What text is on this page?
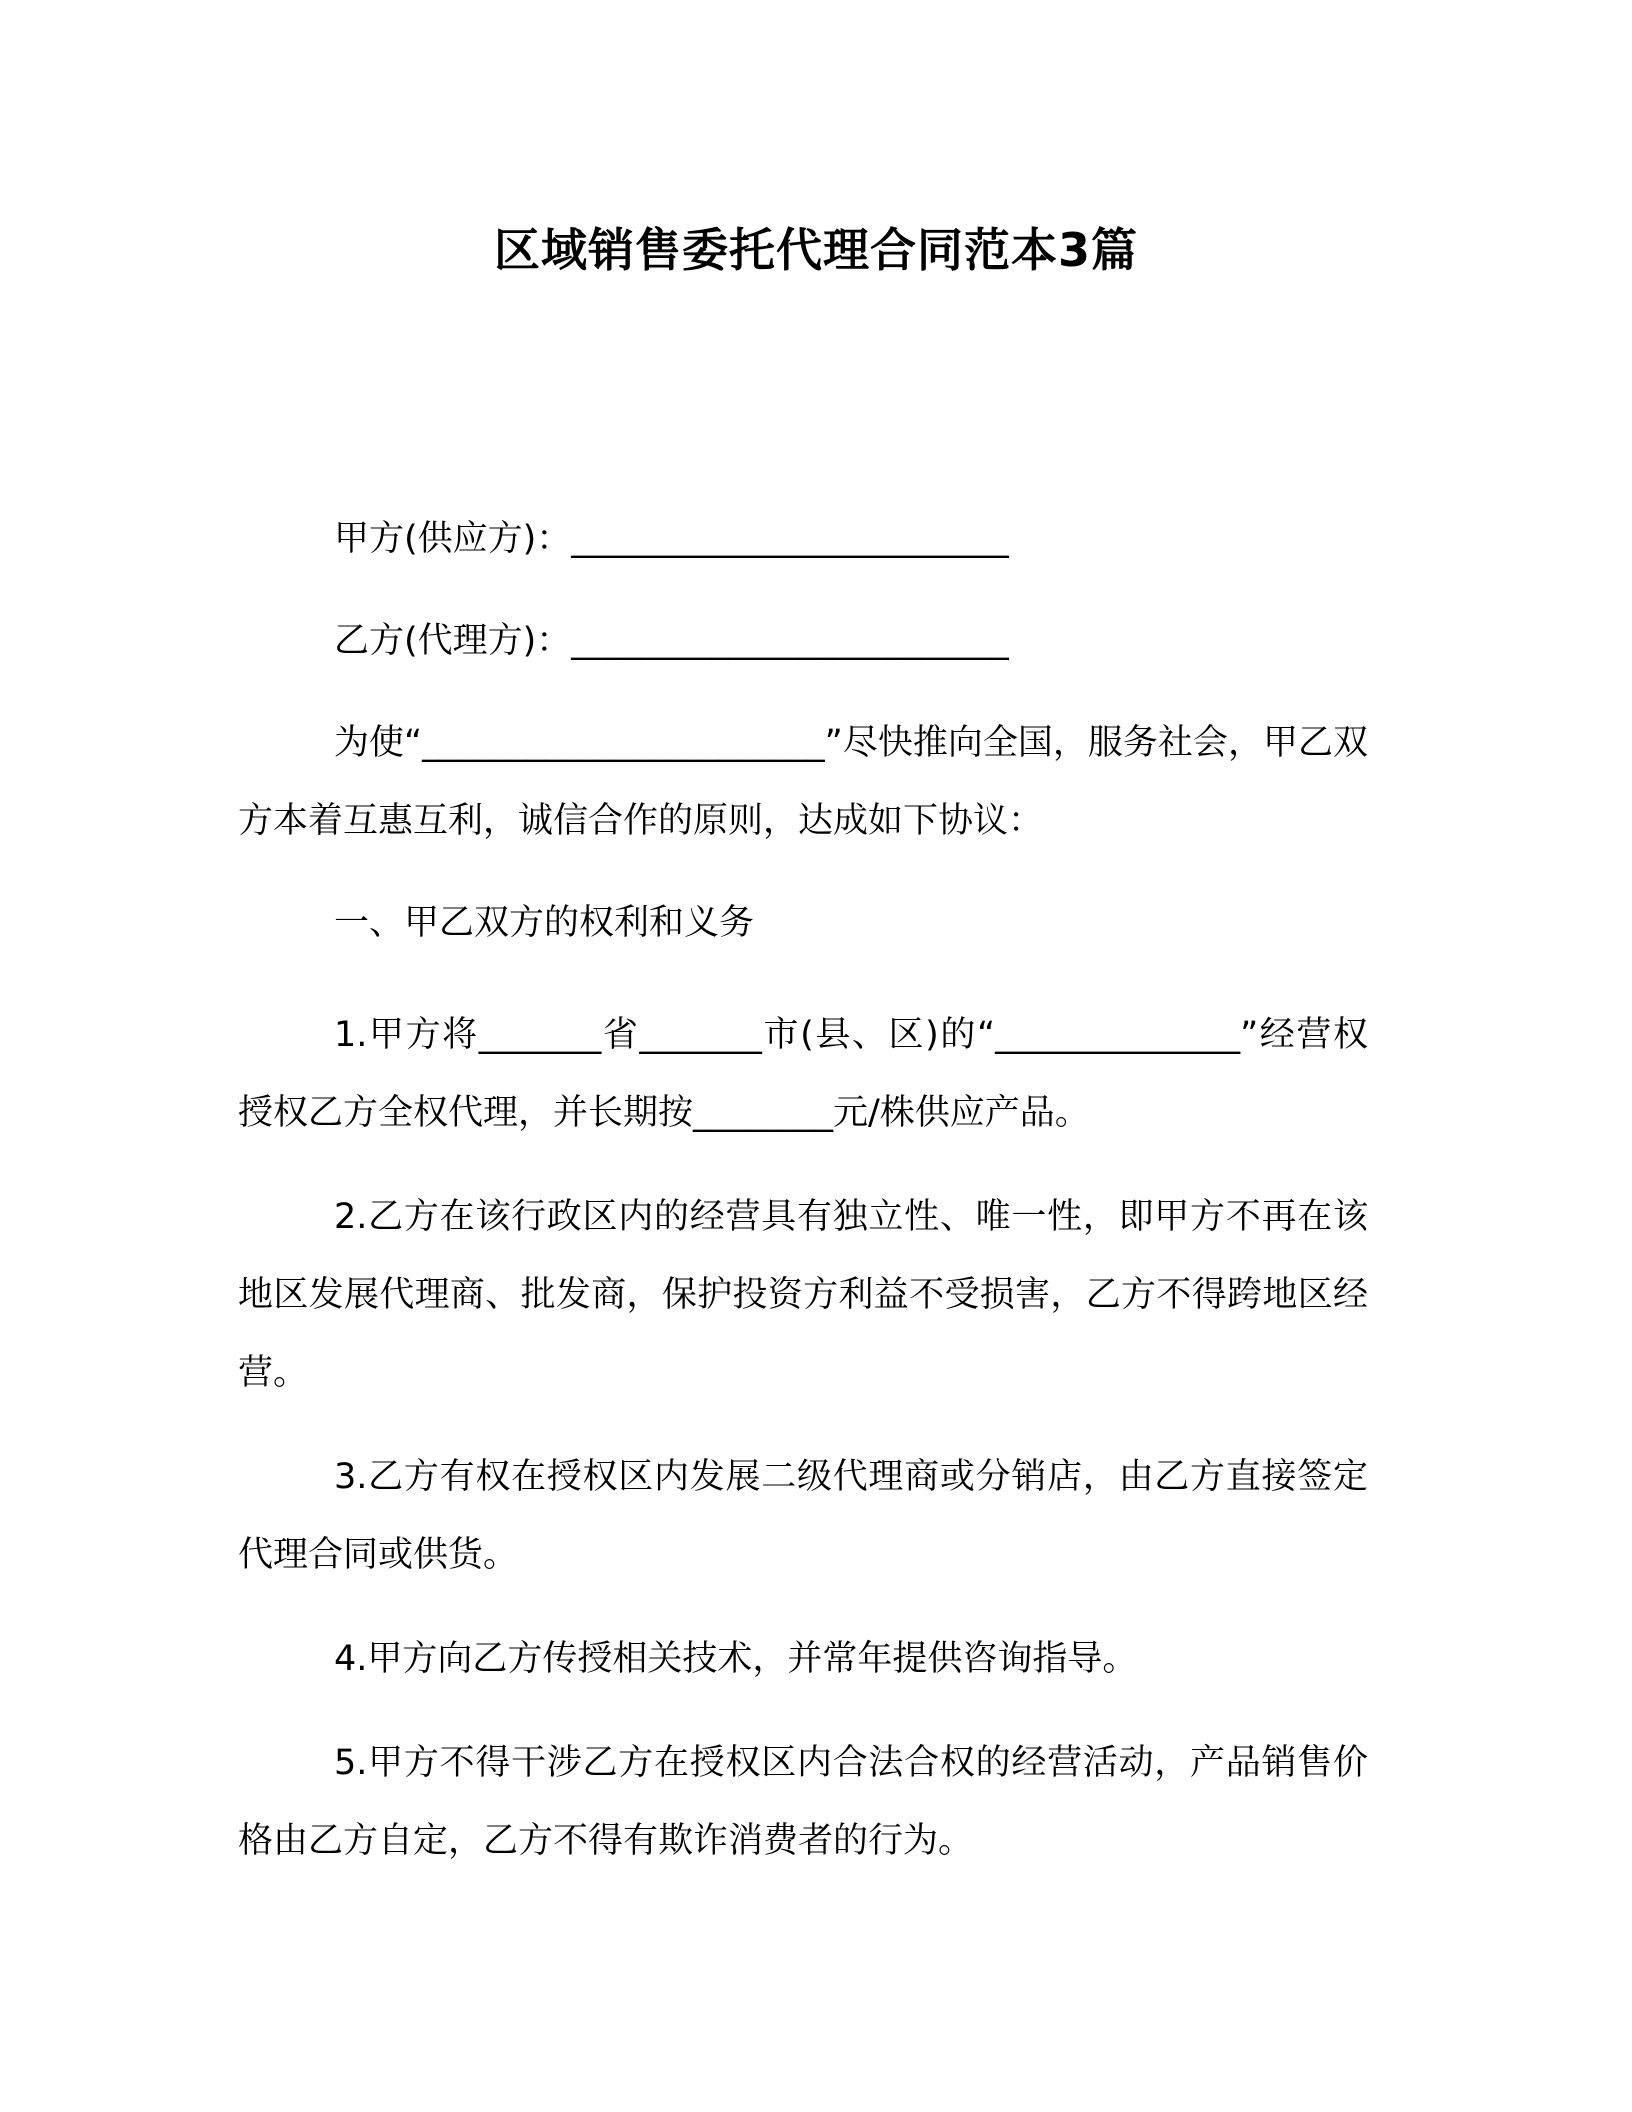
区域销售委托代理合同范本3篇

甲方(供应方)：_________________________

乙方(代理方)：_________________________

为使“_______________________”尽快推向全国，服务社会，甲乙双方本着互惠互利，诚信合作的原则，达成如下协议：

一、甲乙双方的权利和义务

1.甲方将_______省_______市(县、区)的“______________”经营权授权乙方全权代理，并长期按________元/株供应产品。

2.乙方在该行政区内的经营具有独立性、唯一性，即甲方不再在该地区发展代理商、批发商，保护投资方利益不受损害，乙方不得跨地区经营。

3.乙方有权在授权区内发展二级代理商或分销店，由乙方直接签定代理合同或供货。

4.甲方向乙方传授相关技术，并常年提供咨询指导。

5.甲方不得干涉乙方在授权区内合法合权的经营活动，产品销售价格由乙方自定，乙方不得有欺诈消费者的行为。
